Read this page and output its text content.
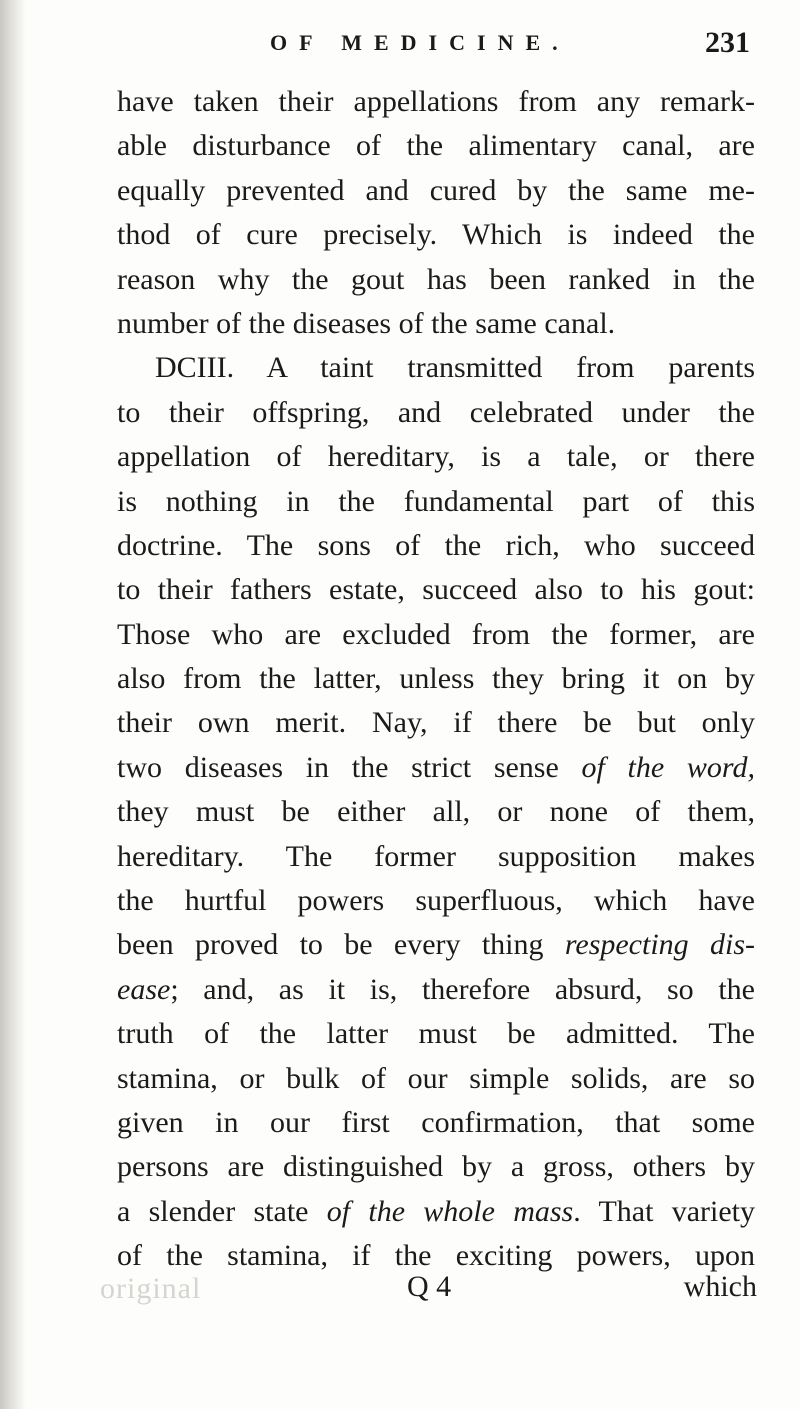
OF MEDICINE.	231
have taken their appellations from any remark-
able disturbance of the alimentary canal, are
equally prevented and cured by the same me-
thod of cure precisely. Which is indeed the
reason why the gout has been ranked in the
number of the diseases of the same canal.
DCIII. A taint transmitted from parents
to their offspring, and celebrated under the
appellation of hereditary, is a tale, or there
is nothing in the fundamental part of this
doctrine. The sons of the rich, who succeed
to their fathers estate, succeed also to his gout:
Those who are excluded from the former, are
also from the latter, unless they bring it on by
their own merit. Nay, if there be but only
two diseases in the strict sense of the word,
they must be either all, or none of them,
hereditary. The former supposition makes
the hurtful powers superfluous, which have
been proved to be every thing respecting dis-
ease; and, as it is, therefore absurd, so the
truth of the latter must be admitted. The
stamina, or bulk of our simple solids, are so
given in our first confirmation, that some
persons are distinguished by a gross, others by
a slender state of the whole mass. That variety
of the stamina, if the exciting powers, upon
original	Q 4	which
